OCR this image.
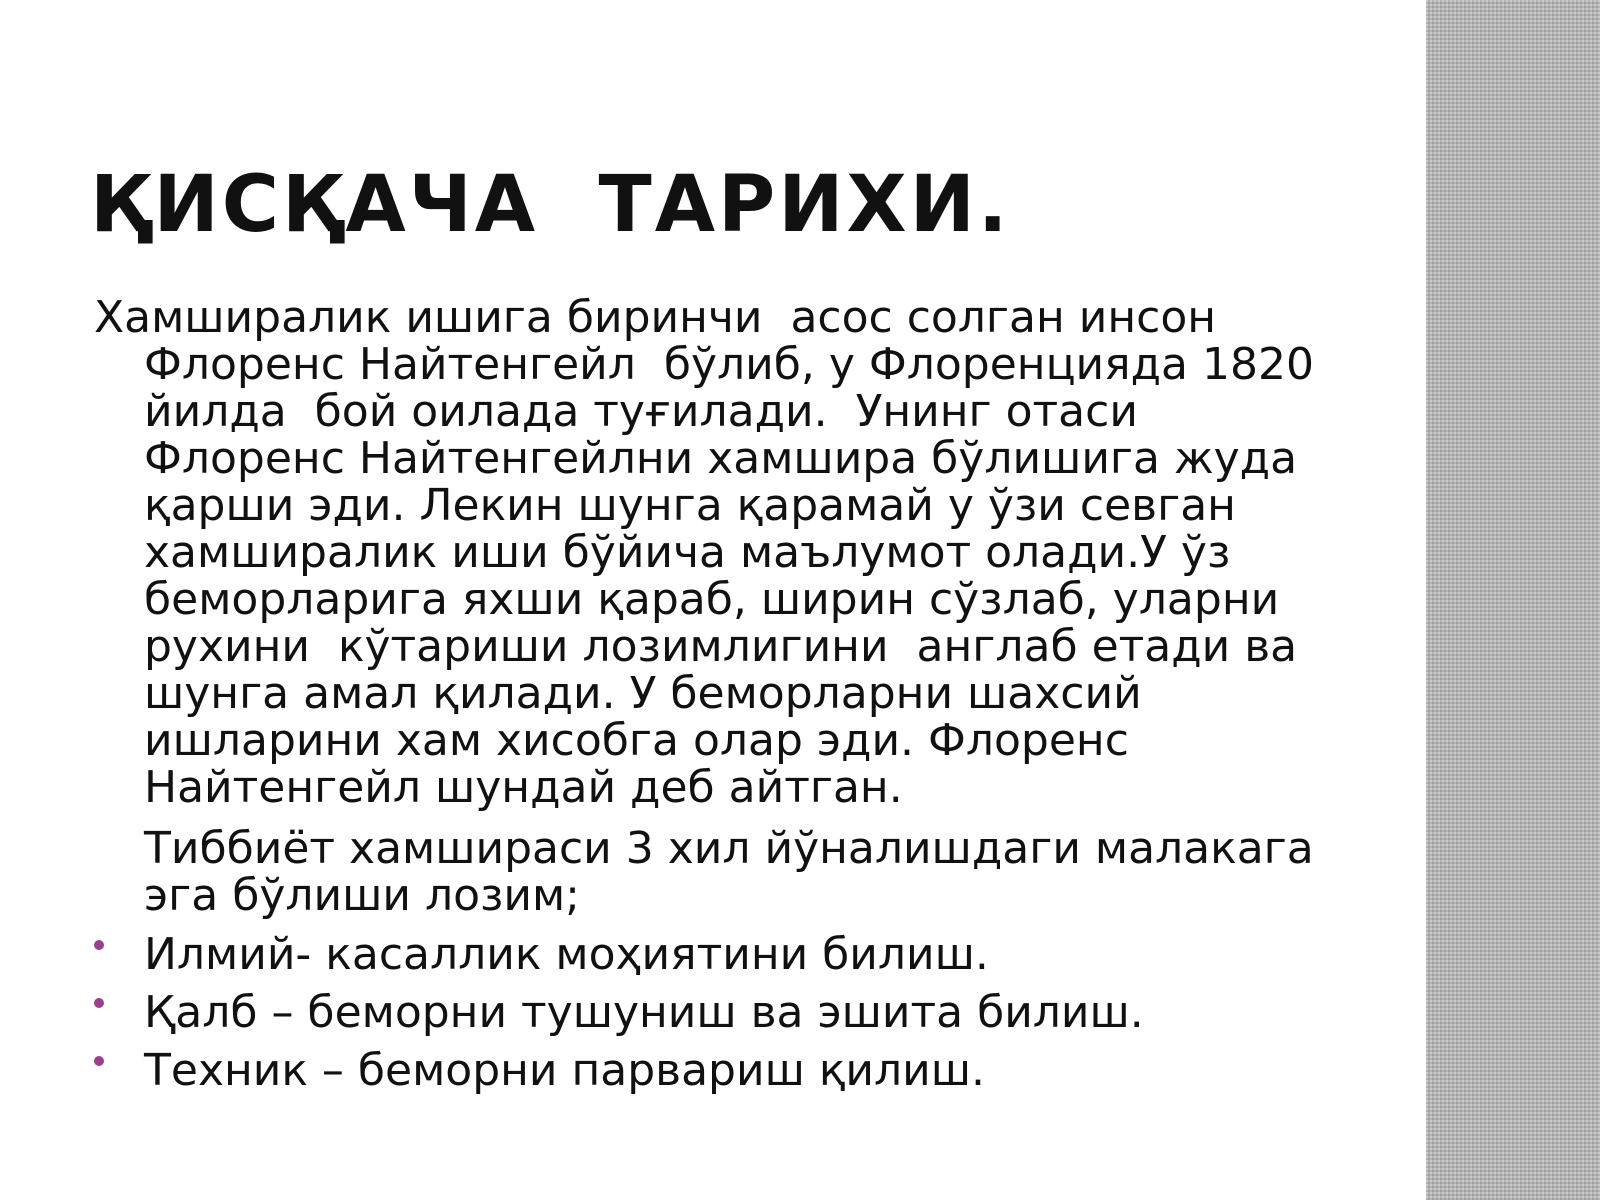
ҚИСҚАЧА  ТАРИХИ.

Хамширалик ишига биринчи  асос солган инсон Флоренс Найтенгейл  бўлиб, у Флоренцияда 1820 йилда  бой оилада туғилади.  Унинг отаси Флоренс Найтенгейлни хамшира бўлишига жуда қарши эди. Лекин шунга қарамай у ўзи севган хамширалик иши бўйича маълумот олади.У ўз беморларига яхши қараб, ширин сўзлаб, уларни рухини  кўтариши лозимлигини  англаб етади ва шунга амал қилади. У беморларни шахсий ишларини хам хисобга олар эди. Флоренс Найтенгейл шундай деб айтган.

Тиббиёт хамшираси 3 хил йўналишдаги малакага эга бўлиши лозим;

Илмий- касаллик моҳиятини билиш.
Қалб – беморни тушуниш ва эшита билиш.
Техник – беморни парвариш қилиш.
